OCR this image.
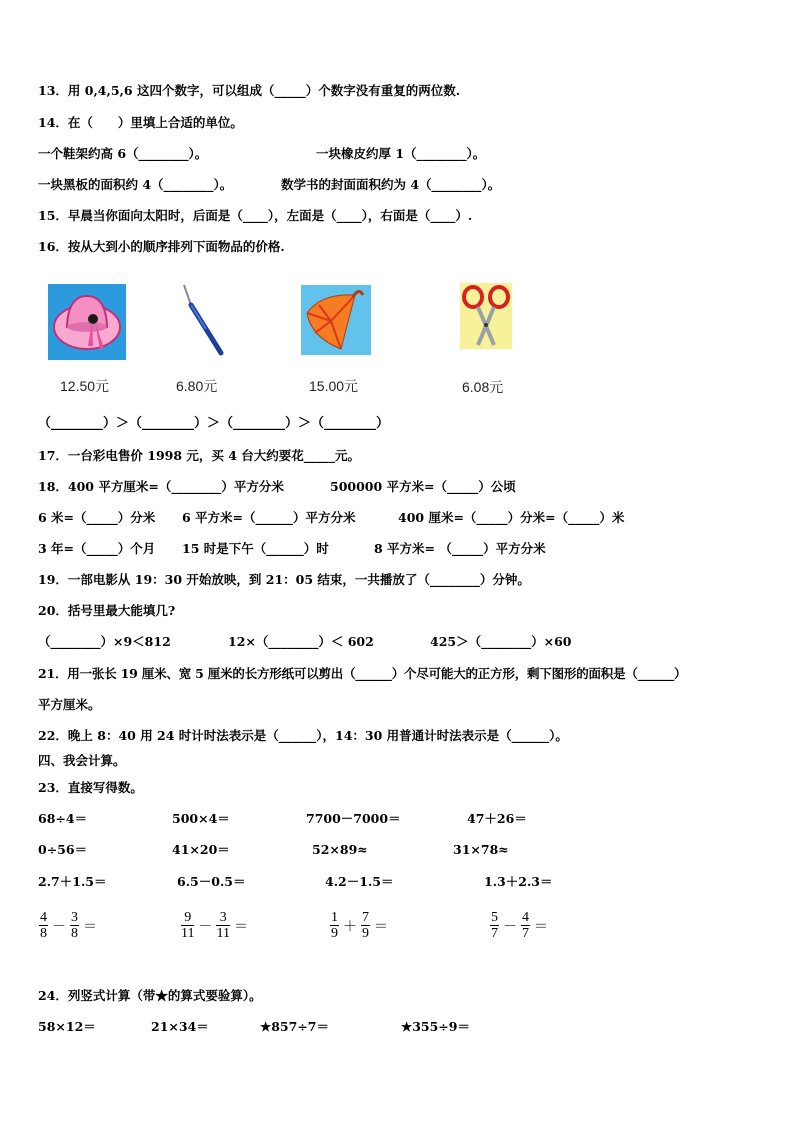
13．用 0,4,5,6 这四个数字，可以组成（_____）个数字没有重复的两位数.
14．在（　　）里填上合适的单位。
一个鞋架约高 6（________）。	一块橡皮约厚 1（________）。
一块黑板的面积约 4（________）。	数学书的封面面积约为 4（________）。
15．早晨当你面向太阳时，后面是（____），左面是（____），右面是（____）.
16．按从大到小的顺序排列下面物品的价格.
12.50元	6.80元	15.00元	6.08元
（________）＞（________）＞（________）＞（________）
17．一台彩电售价 1998 元，买 4 台大约要花_____元。
18．400 平方厘米=（________）平方分米	500000 平方米=（_____）公顷
6 米=（_____）分米 6 平方米=（______）平方分米	400 厘米=（_____）分米=（_____）米
3 年=（_____）个月 15 时是下午（______）时	8 平方米= （_____）平方分米
19．一部电影从 19：30 开始放映，到 21：05 结束，一共播放了（________）分钟。
20．括号里最大能填几?
（________）×9＜812	12×（________）＜ 602	425＞（________）×60
21．用一张长 19 厘米、宽 5 厘米的长方形纸可以剪出（______）个尽可能大的正方形，剩下图形的面积是（______）
平方厘米。
22．晚上 8：40 用 24 时计时法表示是（______），14：30 用普通计时法表示是（______）。
四、我会计算。
23．直接写得数。
68÷4＝	500×4＝	7700－7000＝	47＋26＝
0÷56＝	41×20＝	52×89≈	31×78≈
2.7＋1.5＝	6.5－0.5＝	4.2－1.5＝	1.3＋2.3＝
$\frac{4}{8} - \frac{3}{8}$ ＝	$\frac{9}{11} - \frac{3}{11}$ ＝	$\frac{1}{9} + \frac{7}{9}$ ＝	$\frac{5}{7} - \frac{4}{7}$ ＝
24．列竖式计算（带★的算式要验算）。
58×12＝	21×34＝	★857÷7＝	★355÷9＝
